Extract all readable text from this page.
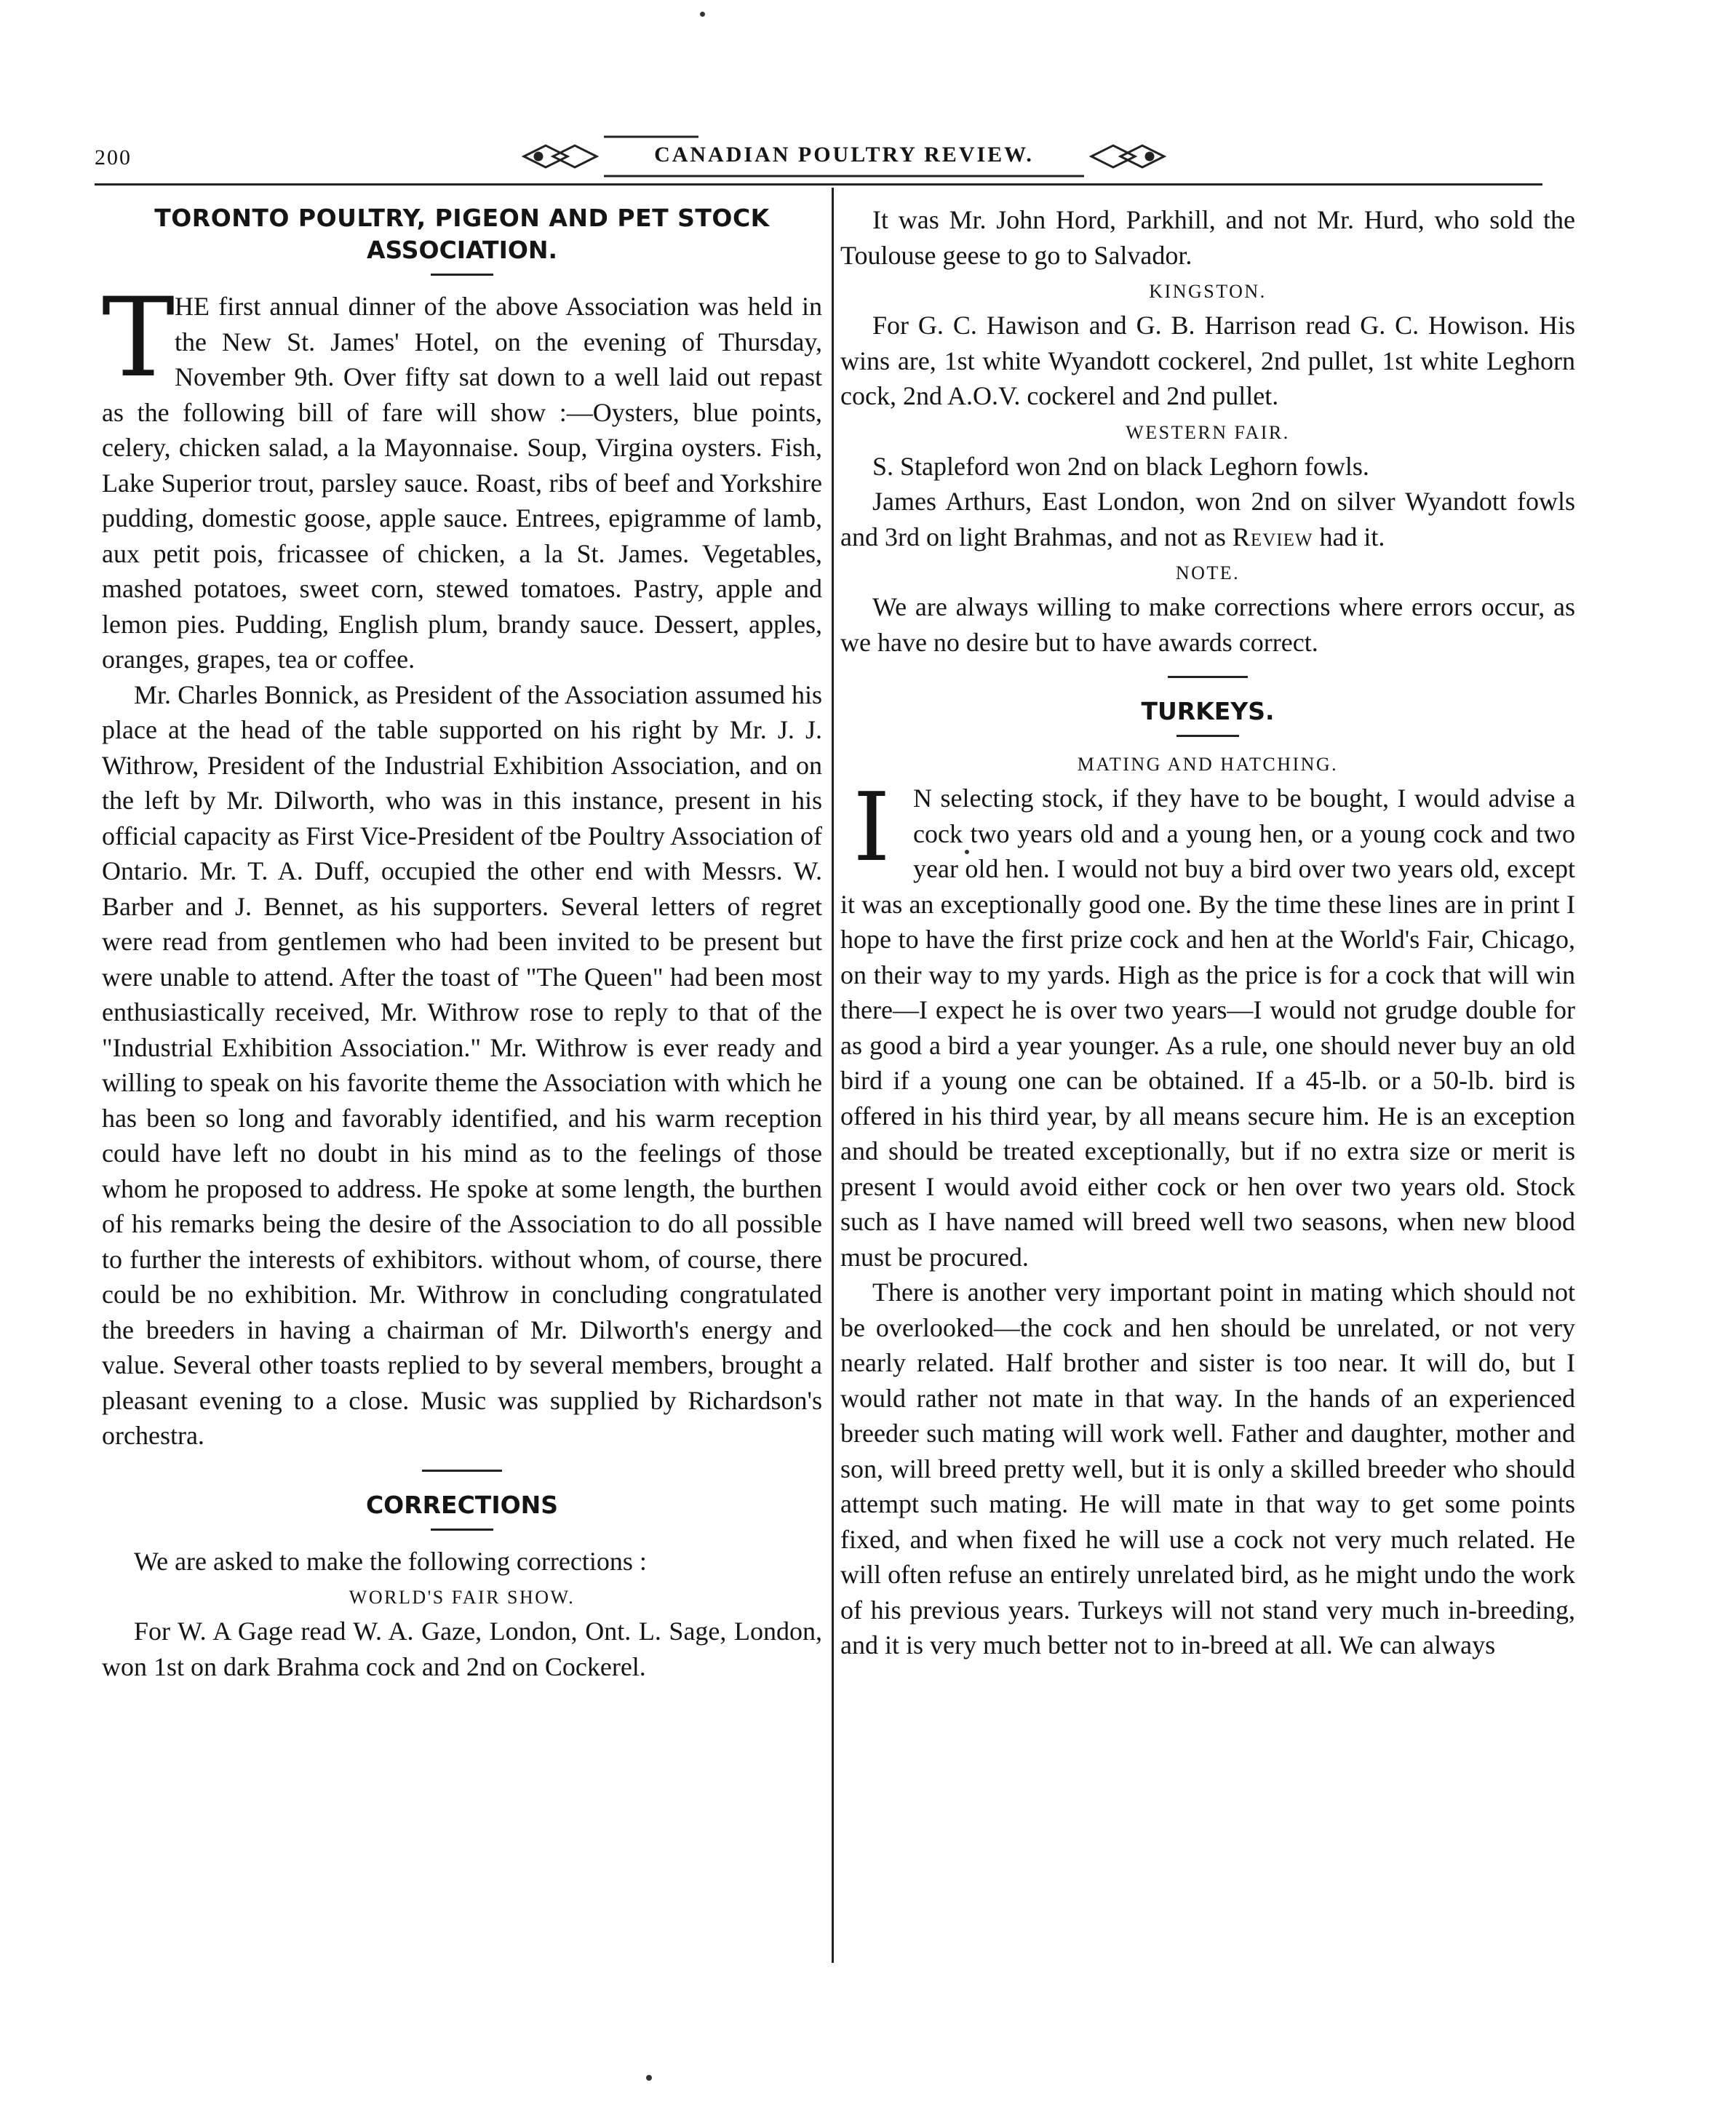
200	CANADIAN POULTRY REVIEW.
TORONTO POULTRY, PIGEON AND PET STOCK
ASSOCIATION.
T HE first annual dinner of the above Association was held in the New St. James' Hotel, on the evening of Thursday, November 9th. Over fifty sat down to a well laid out repast as the following bill of fare will show :—Oysters, blue points, celery, chicken salad, a la Mayonnaise. Soup, Virgina oysters. Fish, Lake Superior trout, parsley sauce. Roast, ribs of beef and Yorkshire pudding, domestic goose, apple sauce. Entrees, epigramme of lamb, aux petit pois, fricassee of chicken, a la St. James. Vegetables, mashed potatoes, sweet corn, stewed tomatoes. Pastry, apple and lemon pies. Pudding, English plum, brandy sauce. Dessert, apples, oranges, grapes, tea or coffee.

Mr. Charles Bonnick, as President of the Association assumed his place at the head of the table supported on his right by Mr. J. J. Withrow, President of the Industrial Exhibition Association, and on the left by Mr. Dilworth, who was in this instance, present in his official capacity as First Vice-President of tbe Poultry Association of Ontario. Mr. T. A. Duff, occupied the other end with Messrs. W. Barber and J. Bennet, as his supporters. Several letters of regret were read from gentlemen who had been invited to be present but were unable to attend. After the toast of "The Queen" had been most enthusiastically received, Mr. Withrow rose to reply to that of the "Industrial Exhibition Association." Mr. Withrow is ever ready and willing to speak on his favorite theme the Association with which he has been so long and favorably identified, and his warm reception could have left no doubt in his mind as to the feelings of those whom he proposed to address. He spoke at some length, the burthen of his remarks being the desire of the Association to do all possible to further the interests of exhibitors. without whom, of course, there could be no exhibition. Mr. Withrow in concluding congratulated the breeders in having a chairman of Mr. Dilworth's energy and value. Several other toasts replied to by several members, brought a pleasant evening to a close. Music was supplied by Richardson's orchestra.

CORRECTIONS

We are asked to make the following corrections :

WORLD'S FAIR SHOW.

For W. A Gage read W. A. Gaze, London, Ont. L. Sage, London, won 1st on dark Brahma cock and 2nd on Cockerel.

It was Mr. John Hord, Parkhill, and not Mr. Hurd, who sold the Toulouse geese to go to Salvador.

KINGSTON.

For G. C. Hawison and G. B. Harrison read G. C. Howison. His wins are, 1st white Wyandott cockerel, 2nd pullet, 1st white Leghorn cock, 2nd A.O.V. cockerel and 2nd pullet.

WESTERN FAIR.

S. Stapleford won 2nd on black Leghorn fowls.

James Arthurs, East London, won 2nd on silver Wyandott fowls and 3rd on light Brahmas, and not as Review had it.

NOTE.

We are always willing to make corrections where errors occur, as we have no desire but to have awards correct.

TURKEYS.
MATING AND HATCHING.
I N selecting stock, if they have to be bought, I would advise a cock two years old and a young hen, or a young cock and two year old hen. I would not buy a bird over two years old, except it was an exceptionally good one. By the time these lines are in print I hope to have the first prize cock and hen at the World's Fair, Chicago, on their way to my yards. High as the price is for a cock that will win there—I expect he is over two years—I would not grudge double for as good a bird a year younger. As a rule, one should never buy an old bird if a young one can be obtained. If a 45-lb. or a 50-lb. bird is offered in his third year, by all means secure him. He is an exception and should be treated exceptionally, but if no extra size or merit is present I would avoid either cock or hen over two years old. Stock such as I have named will breed well two seasons, when new blood must be procured.

There is another very important point in mating which should not be overlooked—the cock and hen should be unrelated, or not very nearly related. Half brother and sister is too near. It will do, but I would rather not mate in that way. In the hands of an experienced breeder such mating will work well. Father and daughter, mother and son, will breed pretty well, but it is only a skilled breeder who should attempt such mating. He will mate in that way to get some points fixed, and when fixed he will use a cock not very much related. He will often refuse an entirely unrelated bird, as he might undo the work of his previous years. Turkeys will not stand very much in-breeding, and it is very much better not to in-breed at all. We can always
